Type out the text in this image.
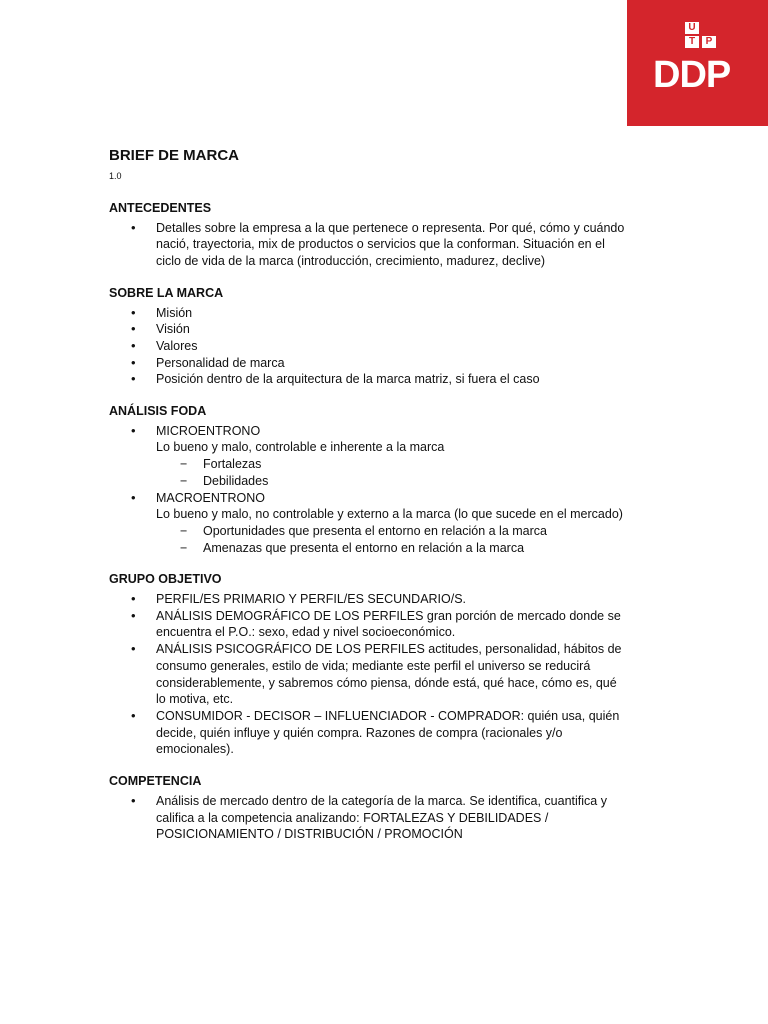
U
T	P
DDP
BRIEF DE MARCA

1.0

ANTECEDENTES
• Detalles sobre la empresa a la que pertenece o representa. Por qué, cómo y cuándo nació, trayectoria, mix de productos o servicios que la conforman. Situación en el ciclo de vida de la marca (introducción, crecimiento, madurez, declive)
SOBRE LA MARCA
• Misión
• Visión
• Valores
• Personalidad de marca
• Posición dentro de la arquitectura de la marca matriz, si fuera el caso
ANÁLISIS FODA
• MICROENTRONO
Lo bueno y malo, controlable e inherente a la marca
− Fortalezas
− Debilidades
• MACROENTRONO
Lo bueno y malo, no controlable y externo a la marca (lo que sucede en el mercado)
− Oportunidades que presenta el entorno en relación a la marca
− Amenazas que presenta el entorno en relación a la marca
GRUPO OBJETIVO
• PERFIL/ES PRIMARIO Y PERFIL/ES SECUNDARIO/S.
• ANÁLISIS DEMOGRÁFICO DE LOS PERFILES gran porción de mercado donde se encuentra el P.O.: sexo, edad y nivel socioeconómico.
• ANÁLISIS PSICOGRÁFICO DE LOS PERFILES actitudes, personalidad, hábitos de consumo generales, estilo de vida; mediante este perfil el universo se reducirá considerablemente, y sabremos cómo piensa, dónde está, qué hace, cómo es, qué lo motiva, etc.
• CONSUMIDOR - DECISOR – INFLUENCIADOR - COMPRADOR: quién usa, quién decide, quién influye y quién compra. Razones de compra (racionales y/o emocionales).
COMPETENCIA
• Análisis de mercado dentro de la categoría de la marca. Se identifica, cuantifica y califica a la competencia analizando: FORTALEZAS Y DEBILIDADES / POSICIONAMIENTO / DISTRIBUCIÓN / PROMOCIÓN
